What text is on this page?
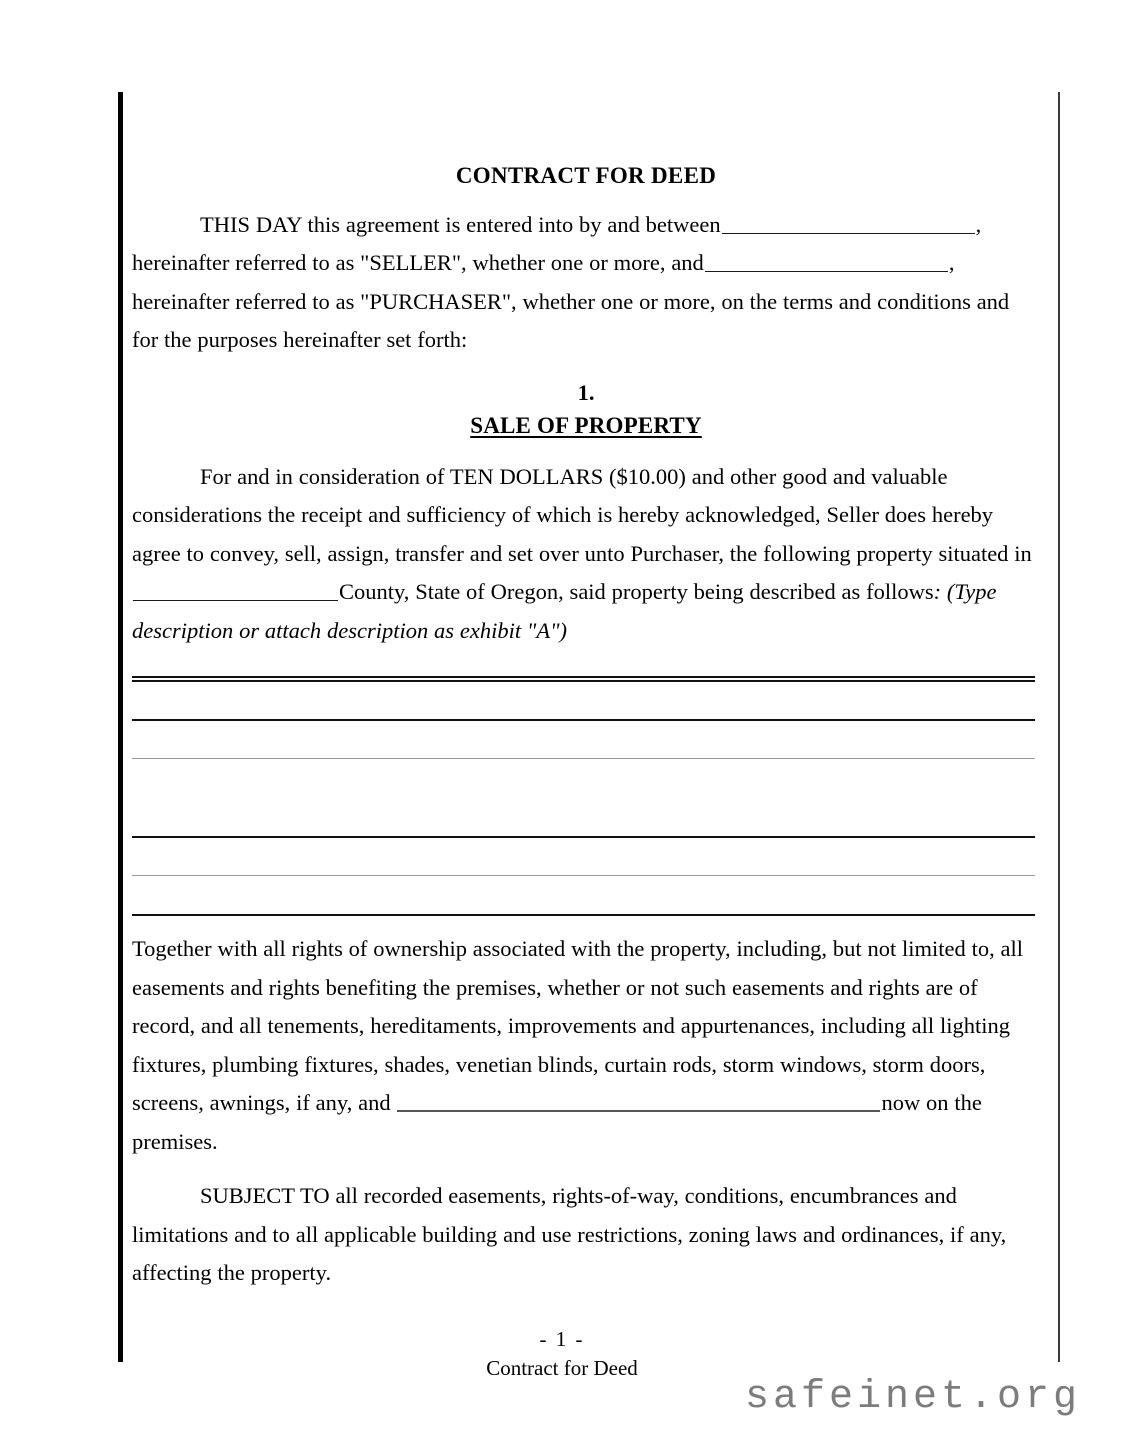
CONTRACT FOR DEED

THIS DAY this agreement is entered into by and between	, hereinafter referred to as "SELLER", whether one or more, and	, hereinafter referred to as "PURCHASER", whether one or more, on the terms and conditions and for the purposes hereinafter set forth:

1.

SALE OF PROPERTY

For and in consideration of TEN DOLLARS ($10.00) and other good and valuable considerations the receipt and sufficiency of which is hereby acknowledged, Seller does hereby agree to convey, sell, assign, transfer and set over unto Purchaser, the following property situated in County, State of Oregon, said property being described as follows: (Type description or attach description as exhibit "A")

Together with all rights of ownership associated with the property, including, but not limited to, all easements and rights benefiting the premises, whether or not such easements and rights are of record, and all tenements, hereditaments, improvements and appurtenances, including all lighting fixtures, plumbing fixtures, shades, venetian blinds, curtain rods, storm windows, storm doors, screens, awnings, if any, and	now on the premises.

SUBJECT TO all recorded easements, rights-of-way, conditions, encumbrances and limitations and to all applicable building and use restrictions, zoning laws and ordinances, if any, affecting the property.

- 1 -
Contract for Deed
safeinet.org
